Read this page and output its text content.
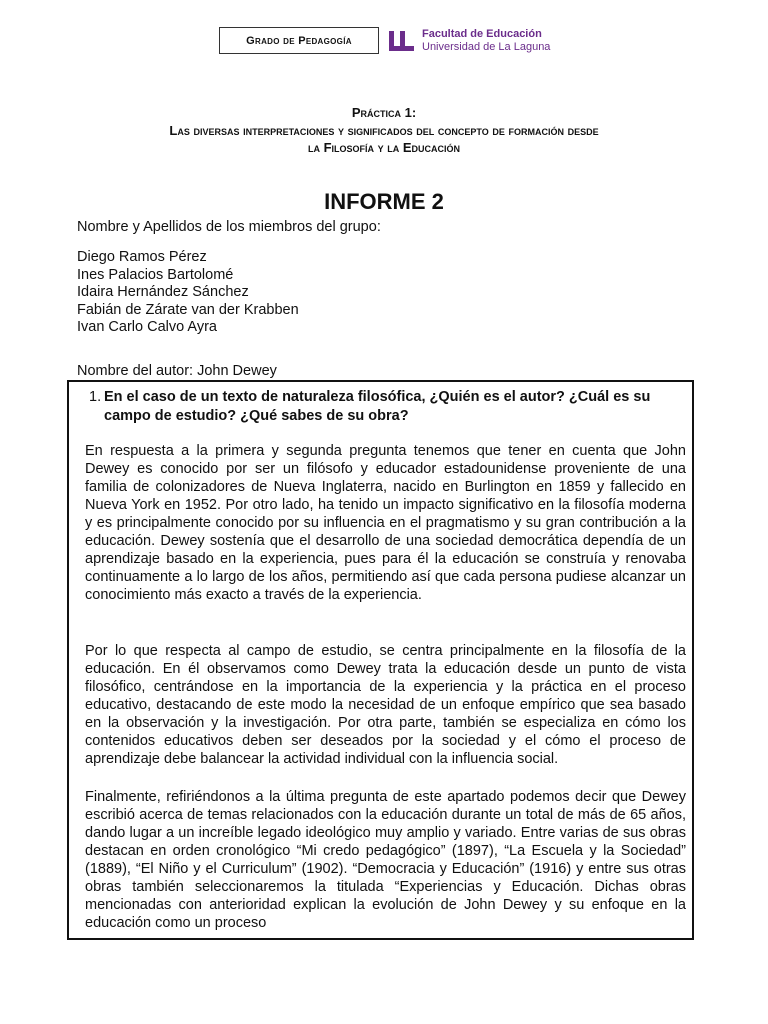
Grado de Pedagogía
Facultad de Educación
Universidad de La Laguna
Práctica 1:
Las diversas interpretaciones y significados del concepto de formación desde
la Filosofía y la Educación
INFORME 2
Nombre y Apellidos de los miembros del grupo:
Diego Ramos Pérez
Ines Palacios Bartolomé
Idaira Hernández Sánchez
Fabián de Zárate van der Krabben
Ivan Carlo Calvo Ayra
Nombre del autor: John Dewey
1. En el caso de un texto de naturaleza filosófica, ¿Quién es el autor? ¿Cuál es su campo de estudio? ¿Qué sabes de su obra?

En respuesta a la primera y segunda pregunta tenemos que tener en cuenta que John Dewey es conocido por ser un filósofo y educador estadounidense proveniente de una familia de colonizadores de Nueva Inglaterra, nacido en Burlington en 1859 y fallecido en Nueva York en 1952. Por otro lado, ha tenido un impacto significativo en la filosofía moderna y es principalmente conocido por su influencia en el pragmatismo y su gran contribución a la educación. Dewey sostenía que el desarrollo de una sociedad democrática dependía de un aprendizaje basado en la experiencia, pues para él la educación se construía y renovaba continuamente a lo largo de los años, permitiendo así que cada persona pudiese alcanzar un conocimiento más exacto a través de la experiencia.

Por lo que respecta al campo de estudio, se centra principalmente en la filosofía de la educación. En él observamos como Dewey trata la educación desde un punto de vista filosófico, centrándose en la importancia de la experiencia y la práctica en el proceso educativo, destacando de este modo la necesidad de un enfoque empírico que sea basado en la observación y la investigación. Por otra parte, también se especializa en cómo los contenidos educativos deben ser deseados por la sociedad y el cómo el proceso de aprendizaje debe balancear la actividad individual con la influencia social.

Finalmente, refiriéndonos a la última pregunta de este apartado podemos decir que Dewey escribió acerca de temas relacionados con la educación durante un total de más de 65 años, dando lugar a un increíble legado ideológico muy amplio y variado. Entre varias de sus obras destacan en orden cronológico “Mi credo pedagógico” (1897), “La Escuela y la Sociedad” (1889), “El Niño y el Curriculum” (1902). “Democracia y Educación” (1916) y entre sus otras obras también seleccionaremos la titulada “Experiencias y Educación. Dichas obras mencionadas con anterioridad explican la evolución de John Dewey y su enfoque en la educación como un proceso
